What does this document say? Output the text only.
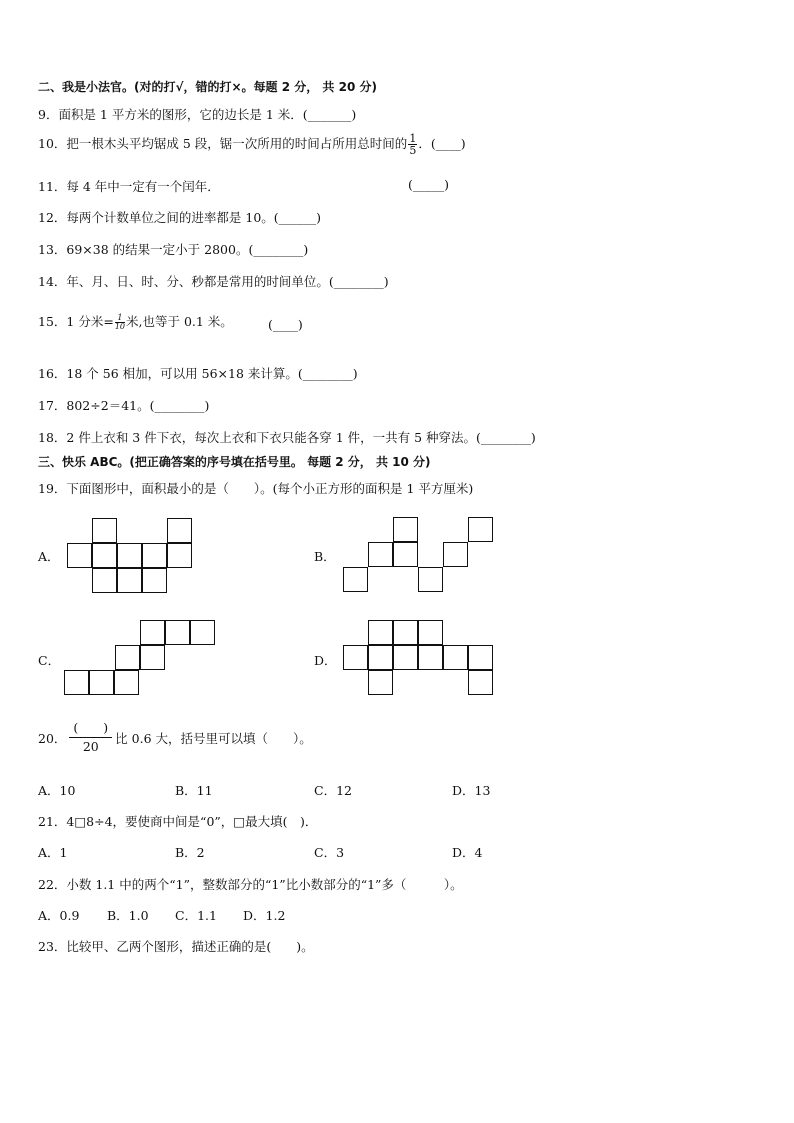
二、我是小法官。(对的打√，错的打×。每题 2 分， 共 20 分)
9．面积是 1 平方米的图形，它的边长是 1 米．(_______)
10．把一根木头平均锯成 5 段，锯一次所用的时间占所用总时间的 $\frac{1}{5}$ ．(____)
11．每 4 年中一定有一个闰年．	(_____)
12．每两个计数单位之间的进率都是 10。(______)
13．69×38 的结果一定小于 2800。(________)
14．年、月、日、时、分、秒都是常用的时间单位。(________)
15．1 分米= $\frac{1}{10}$ 米,也等于 0.1 米。	(____)
16．18 个 56 相加，可以用 56×18 来计算。(________)
17．802÷2＝41。(________)
18．2 件上衣和 3 件下衣，每次上衣和下衣只能各穿 1 件，一共有 5 种穿法。(________)
三、快乐 ABC。(把正确答案的序号填在括号里。 每题 2 分， 共 10 分)
19．下面图形中，面积最小的是（　　）。(每个小正方形的面积是 1 平方厘米)
A．	B．
C．	D．
20． $\frac{( )}{20}$ 比 0.6 大，括号里可以填（　　）。
A．10	B．11	C．12	D．13
21．4□8÷4，要使商中间是“0”，□最大填(　)．
A．1	B．2	C．3	D．4
22．小数 1.1 中的两个“1”，整数部分的“1”比小数部分的“1”多（　　　）。
A．0.9 B．1.0 C．1.1 D．1.2
23．比较甲、乙两个图形，描述正确的是(　　)。
